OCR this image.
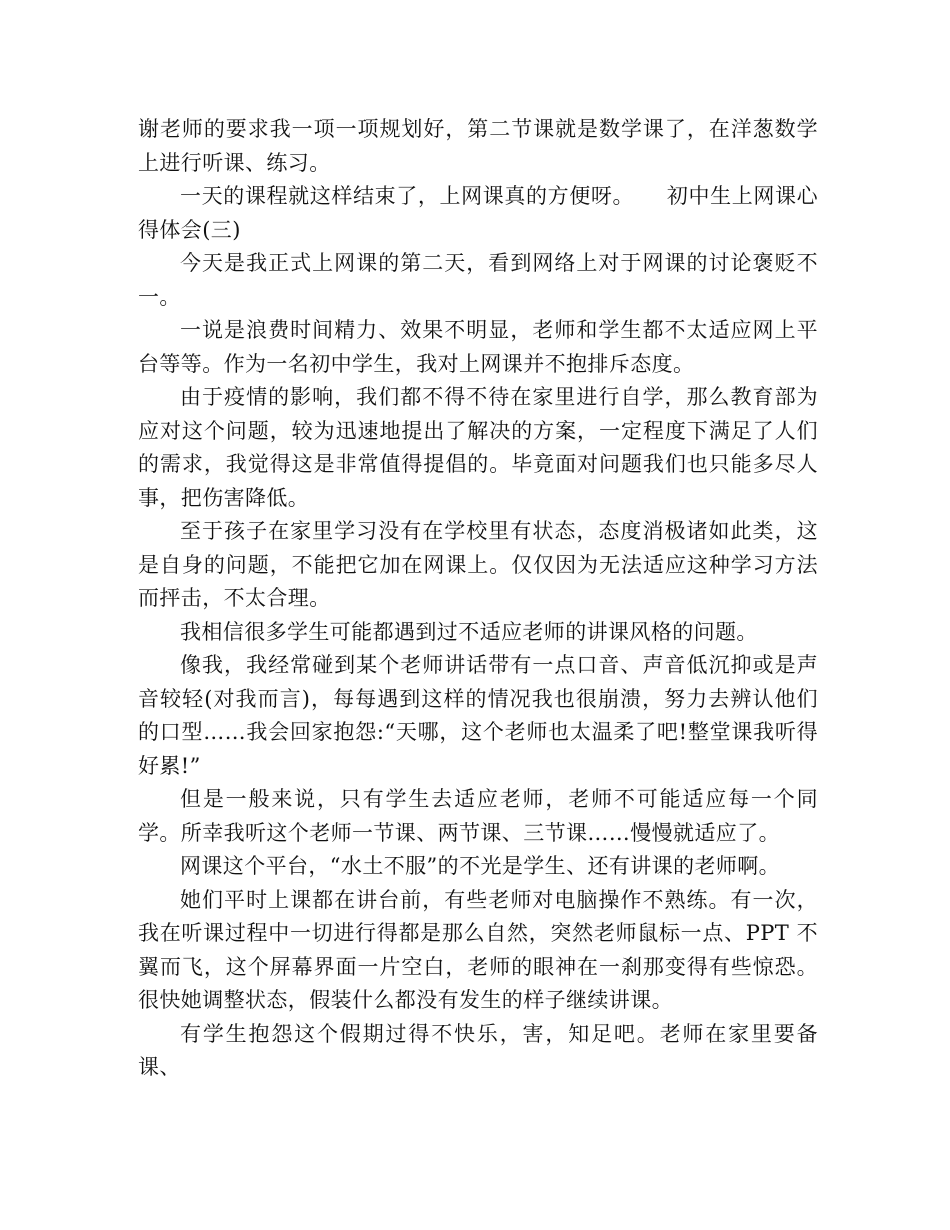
谢老师的要求我一项一项规划好，第二节课就是数学课了，在洋葱数学上进行听课、练习。

一天的课程就这样结束了，上网课真的方便呀。　　初中生上网课心得体会(三)

今天是我正式上网课的第二天，看到网络上对于网课的讨论褒贬不一。

一说是浪费时间精力、效果不明显，老师和学生都不太适应网上平台等等。作为一名初中学生，我对上网课并不抱排斥态度。

由于疫情的影响，我们都不得不待在家里进行自学，那么教育部为应对这个问题，较为迅速地提出了解决的方案，一定程度下满足了人们的需求，我觉得这是非常值得提倡的。毕竟面对问题我们也只能多尽人事，把伤害降低。

至于孩子在家里学习没有在学校里有状态，态度消极诸如此类，这是自身的问题，不能把它加在网课上。仅仅因为无法适应这种学习方法而抨击，不太合理。

我相信很多学生可能都遇到过不适应老师的讲课风格的问题。

像我，我经常碰到某个老师讲话带有一点口音、声音低沉抑或是声音较轻(对我而言)，每每遇到这样的情况我也很崩溃，努力去辨认他们的口型……我会回家抱怨:“天哪，这个老师也太温柔了吧!整堂课我听得好累!”

但是一般来说，只有学生去适应老师，老师不可能适应每一个同学。所幸我听这个老师一节课、两节课、三节课……慢慢就适应了。

网课这个平台，“水土不服”的不光是学生、还有讲课的老师啊。

她们平时上课都在讲台前，有些老师对电脑操作不熟练。有一次，我在听课过程中一切进行得都是那么自然，突然老师鼠标一点、PPT 不翼而飞，这个屏幕界面一片空白，老师的眼神在一刹那变得有些惊恐。很快她调整状态，假装什么都没有发生的样子继续讲课。

有学生抱怨这个假期过得不快乐，害，知足吧。老师在家里要备课、
